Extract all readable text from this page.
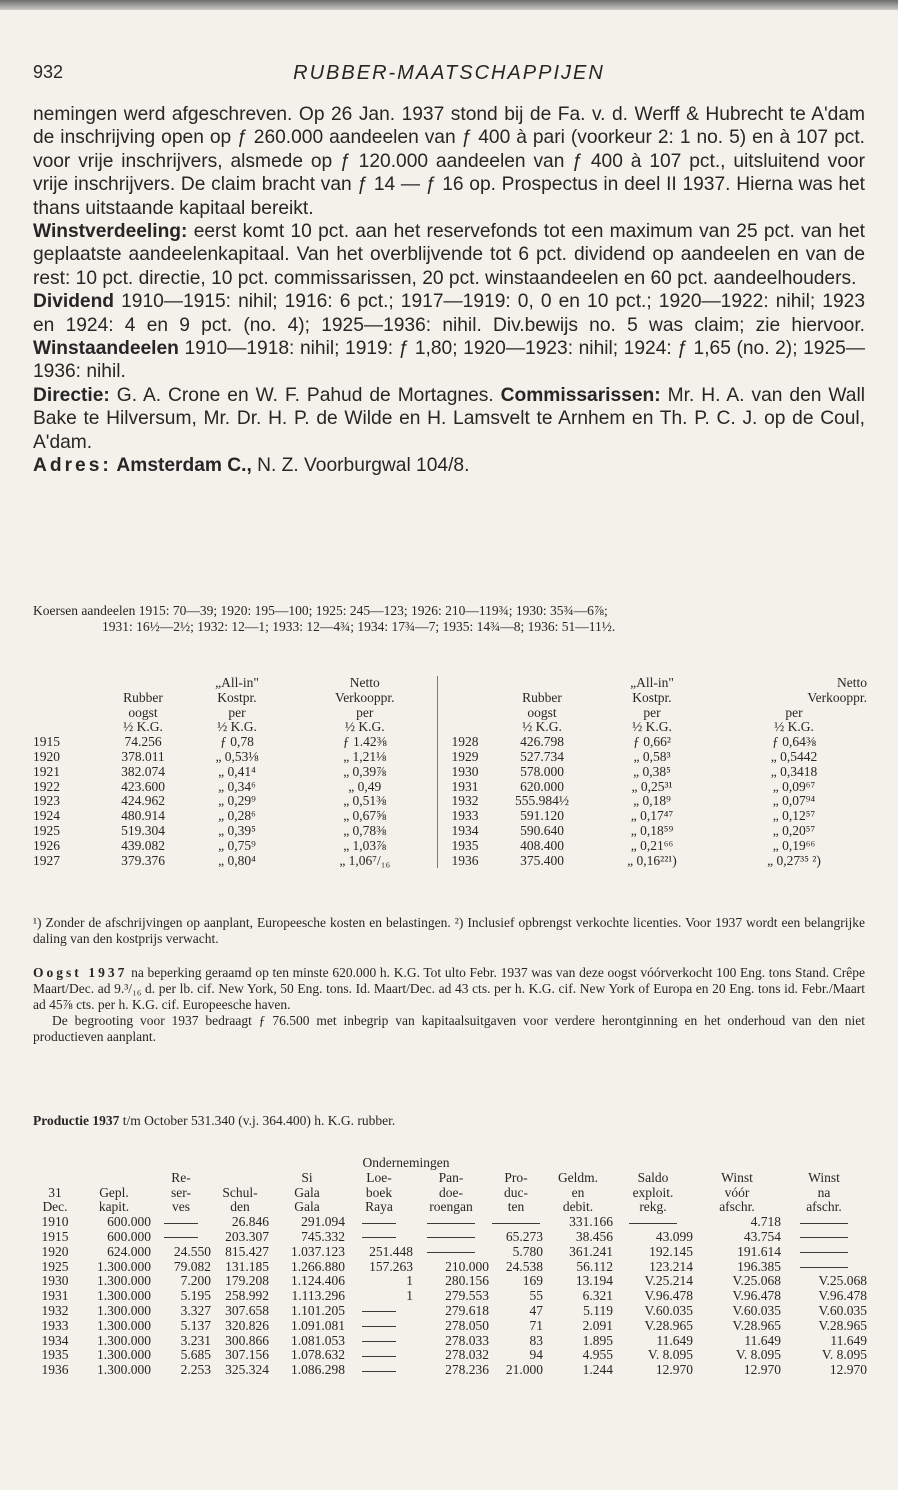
932	RUBBER-MAATSCHAPPIJEN

nemingen werd afgeschreven. Op 26 Jan. 1937 stond bij de Fa. v. d. Werff & Hubrecht te A'dam de inschrijving open op ƒ 260.000 aandeelen van ƒ 400 à pari (voorkeur 2: 1 no. 5) en à 107 pct. voor vrije inschrijvers, alsmede op ƒ 120.000 aandeelen van ƒ 400 à 107 pct., uitsluitend voor vrije inschrijvers. De claim bracht van ƒ 14 — ƒ 16 op. Prospectus in deel II 1937. Hierna was het thans uitstaande kapitaal bereikt.

Winstverdeeling: eerst komt 10 pct. aan het reservefonds tot een maximum van 25 pct. van het geplaatste aandeelenkapitaal. Van het overblijvende tot 6 pct. dividend op aandeelen en van de rest: 10 pct. directie, 10 pct. commissarissen, 20 pct. winstaandeelen en 60 pct. aandeelhouders.

Dividend 1910—1915: nihil; 1916: 6 pct.; 1917—1919: 0, 0 en 10 pct.; 1920—1922: nihil; 1923 en 1924: 4 en 9 pct. (no. 4); 1925—1936: nihil. Div.bewijs no. 5 was claim; zie hiervoor. Winstaandeelen 1910—1918: nihil; 1919: ƒ 1,80; 1920—1923: nihil; 1924: ƒ 1,65 (no. 2); 1925—1936: nihil.

Directie: G. A. Crone en W. F. Pahud de Mortagnes. Commissarissen: Mr. H. A. van den Wall Bake te Hilversum, Mr. Dr. H. P. de Wilde en H. Lamsvelt te Arnhem en Th. P. C. J. op de Coul, A'dam.

Adres: Amsterdam C., N. Z. Voorburgwal 104/8.

Koersen aandeelen 1915: 70—39; 1920: 195—100; 1925: 245—123; 1926: 210—119¾; 1930: 35¾—6⅞;
1931: 16½—2½; 1932: 12—1; 1933: 12—4¾; 1934: 17¾—7; 1935: 14¾—8; 1936: 51—11½.
		„All-in"	Netto			„All-in"	Netto
	Rubber	Kostpr.	Verkooppr.		Rubber	Kostpr.	Verkooppr.
	oogst	per	per		oogst	per	per
	½ K.G.	½ K.G.	½ K.G.		½ K.G.	½ K.G.	½ K.G.
1915	74.256	ƒ 0,78	ƒ 1.42⅜	1928	426.798	ƒ 0,66²	ƒ 0,64⅜
1920	378.011	„ 0,53⅛	„ 1,21⅛	1929	527.734	„ 0,58³	„ 0,5442
1921	382.074	„ 0,41⁴	„ 0,39⅞	1930	578.000	„ 0,38⁵	„ 0,3418
1922	423.600	„ 0,34⁶	„ 0,49	1931	620.000	„ 0,25³¹	„ 0,09⁶⁷
1923	424.962	„ 0,29⁹	„ 0,51⅜	1932	555.984½	„ 0,18⁹	„ 0,07⁹⁴
1924	480.914	„ 0,28⁶	„ 0,67⅝	1933	591.120	„ 0,17⁴⁷	„ 0,12⁵⁷
1925	519.304	„ 0,39⁵	„ 0,78⅜	1934	590.640	„ 0,18⁵⁹	„ 0,20⁵⁷
1926	439.082	„ 0,75⁹	„ 1,03⅞	1935	408.400	„ 0,21⁶⁶	„ 0,19⁶⁶
1927	379.376	„ 0,80⁴	„ 1,06⁷/₁₆	1936	375.400	„ 0,16²²¹)	„ 0,27³⁵ ²)
¹) Zonder de afschrijvingen op aanplant, Europeesche kosten en belastingen. ²) Inclusief opbrengst verkochte licenties. Voor 1937 wordt een belangrijke daling van den kostprijs verwacht.

Oogst 1937 na beperking geraamd op ten minste 620.000 h. K.G. Tot ulto Febr. 1937 was van deze oogst vóórverkocht 100 Eng. tons Stand. Crêpe Maart/Dec. ad 9.³/₁₆ d. per lb. cif. New York, 50 Eng. tons. Id. Maart/Dec. ad 43 cts. per h. K.G. cif. New York of Europa en 20 Eng. tons id. Febr./Maart ad 45⅞ cts. per h. K.G. cif. Europeesche haven.

De begrooting voor 1937 bedraagt ƒ 76.500 met inbegrip van kapitaalsuitgaven voor verdere herontginning en het onderhoud van den niet productieven aanplant.

Productie 1937 t/m October 531.340 (v.j. 364.400) h. K.G. rubber.
				Ondernemingen							
		Re-		Si	Loe-	Pan-	Pro-	Geldm.	Saldo	Winst	Winst
31	Gepl.	ser-	Schul-	Gala	boek	doe-	duc-	en	exploit.	vóór	na
Dec.	kapit.	ves	den	Gala	Raya	roengan	ten	debit.	rekg.	afschr.	afschr.
1910	600.000		26.846	291.094				331.166		4.718	
1915	600.000		203.307	745.332			65.273	38.456	43.099	43.754	
1920	624.000	24.550	815.427	1.037.123	251.448		5.780	361.241	192.145	191.614	
1925	1.300.000	79.082	131.185	1.266.880	157.263	210.000	24.538	56.112	123.214	196.385	
1930	1.300.000	7.200	179.208	1.124.406	1	280.156	169	13.194	V.25.214	V.25.068	V.25.068
1931	1.300.000	5.195	258.992	1.113.296	1	279.553	55	6.321	V.96.478	V.96.478	V.96.478
1932	1.300.000	3.327	307.658	1.101.205		279.618	47	5.119	V.60.035	V.60.035	V.60.035
1933	1.300.000	5.137	320.826	1.091.081		278.050	71	2.091	V.28.965	V.28.965	V.28.965
1934	1.300.000	3.231	300.866	1.081.053		278.033	83	1.895	11.649	11.649	11.649
1935	1.300.000	5.685	307.156	1.078.632		278.032	94	4.955	V. 8.095	V. 8.095	V. 8.095
1936	1.300.000	2.253	325.324	1.086.298		278.236	21.000	1.244	12.970	12.970	12.970
